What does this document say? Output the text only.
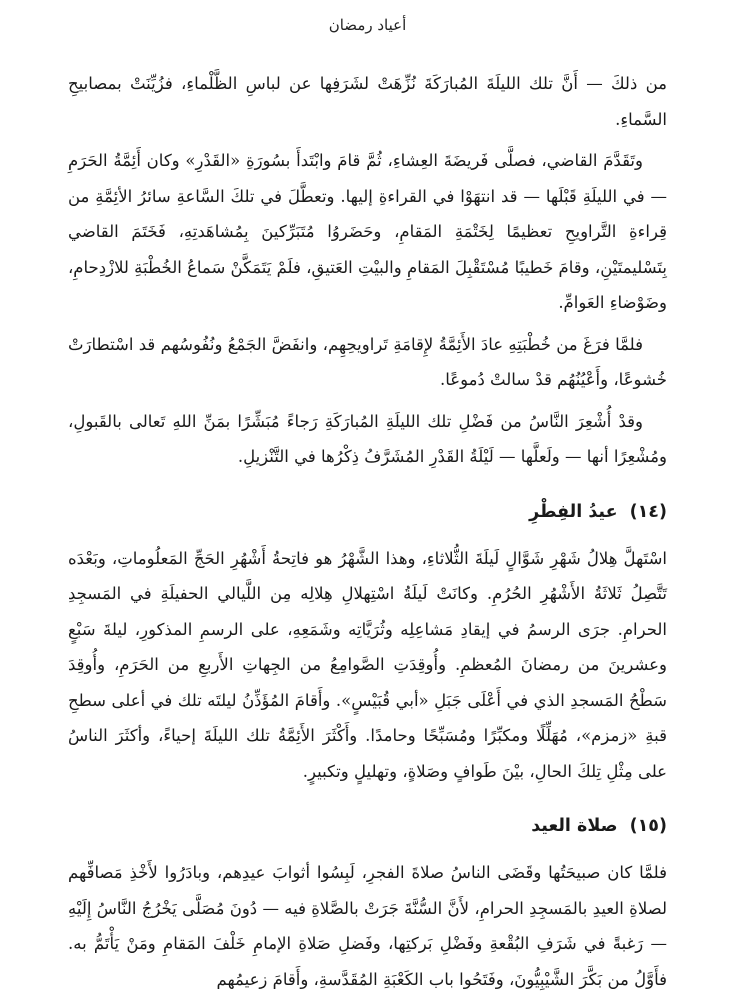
أعياد رمضان

من ذلكَ — أَنَّ تلك الليلَةَ المُبارَكَةَ نُزِّهَتْ لشَرَفِها عن لباسِ الظَّلْماءِ، فزُيِّنَتْ بمصابيحِ السَّماءِ.

وتَقَدَّمَ القاضي، فصلَّى فَريضَةَ العِشاءِ، ثُمَّ قامَ وابْتَدأَ بسُورَةِ «القَدْرِ» وكان أَئِمَّةُ الحَرَمِ — في الليلَةِ قَبْلَها — قد انتهَوْا في القراءةِ إليها. وتعطَّلَ في تلكَ السَّاعةِ سائرُ الأئِمَّةِ من قِراءةِ التَّراويحِ تعظيمًا لِخَتْمَةِ المَقامِ، وحَضَروُا مُتَبَرِّكينَ بِمُشاهَدتِهِ، فَخَتَمَ القاضي بِتَسْليمتَيْنِ، وقامَ خَطيبًا مُسْتَقْبِلَ المَقامِ والبيْتِ العَتيقِ، فلَمْ يَتَمَكَّنْ سَماعُ الخُطْبَةِ للازْدِحامِ، وضَوْضاءِ العَوامِّ.

فلمَّا فرَغَ من خُطْبَتِهِ عادَ الأَئِمَّةُ لإِقامَةِ تَراويحِهِم، وانفَضَّ الجَمْعُ ونُفُوسُهم قد اسْتطارَتْ خُشوعًا، وأَعْيُنُهُم قدْ سالتْ دُموعًا.

وقدْ أُشْعِرَ النَّاسُ من فَضْلِ تلك الليلَةِ المُبارَكَةِ رَجاءً مُبَشِّرًا بمَنِّ اللهِ تَعالى بالقَبولِ، ومُشْعِرًا أنها — ولَعلَّها — لَيْلَةُ القَدْرِ المُشَرَّفُ ذِكْرُها في التَّنْزيلِ.

(١٤) عيدُ الفِطْرِ

اسْتَهلَّ هِلالُ شَهْرِ شَوَّالٍ لَيلَةَ الثُّلاثاءِ، وهذا الشَّهْرُ هو فاتِحةُ أَشْهُرِ الحَجِّ المَعلُوماتِ، وبَعْدَه تَتَّصِلُ ثَلاثَةُ الأَشْهُرِ الحُرُمِ. وكانَتْ لَيلَةُ اسْتِهلالِ هِلالِه مِن اللَّيالي الحفيلَةِ في المَسجِدِ الحرامِ. جرَى الرسمُ في إيقادِ مَشاعِلِه وثُرَيَّاتِه وشَمَعِهِ، على الرسمِ المذكورِ، ليلةَ سَبْعٍ وعشرينَ من رمضانَ المُعظمِ. وأُوقِدَتِ الصَّوامِعُ من الجِهاتِ الأَربعِ من الحَرَمِ، وأُوقِدَ سَطْحُ المَسجدِ الذي في أَعْلَى جَبَلِ «أبي قُبَيْسٍ». وأَقامَ المُؤَذِّنُ ليلتَه تلك في أعلى سطحِ قبةِ «زمزم»، مُهَلِّلًا ومكبِّرًا ومُسَبِّحًا وحامدًا. وأَكْثَرَ الأَئِمَّةُ تلك الليلَةَ إحياءً، وأكثَرَ الناسُ على مِثْلِ تِلكَ الحالِ، بيْنَ طَوافٍ وصَلاةٍ، وتهليلٍ وتكبيرٍ.

(١٥) صلاة العيد

فلمَّا كان صبيحَتُها وقَضَى الناسُ صلاةَ الفجرِ، لَبِسُوا أثوابَ عيدِهم، وبادَرُوا لأَخْذِ مَصافِّهم لصلاةِ العيدِ بالمَسجِدِ الحرامِ، لأَنَّ السُّنَّةَ جَرَتْ بالصَّلاةِ فيه — دُونَ مُصَلَّى يَخْرُجُ النَّاسُ إِلَيْهِ — رَغبةً في شَرَفِ البُقْعةِ وفَضْلِ بَركتِها، وفَضلِ صَلاةِ الإمامِ خَلْفَ المَقامِ ومَنْ يَأْتَمُّ به. فأَوَّلُ من بَكَّرَ الشَّيْبِيُّونَ، وفَتَحُوا باب الكَعْبَةِ المُقَدَّسةِ، وأَقامَ زعيمُهم
